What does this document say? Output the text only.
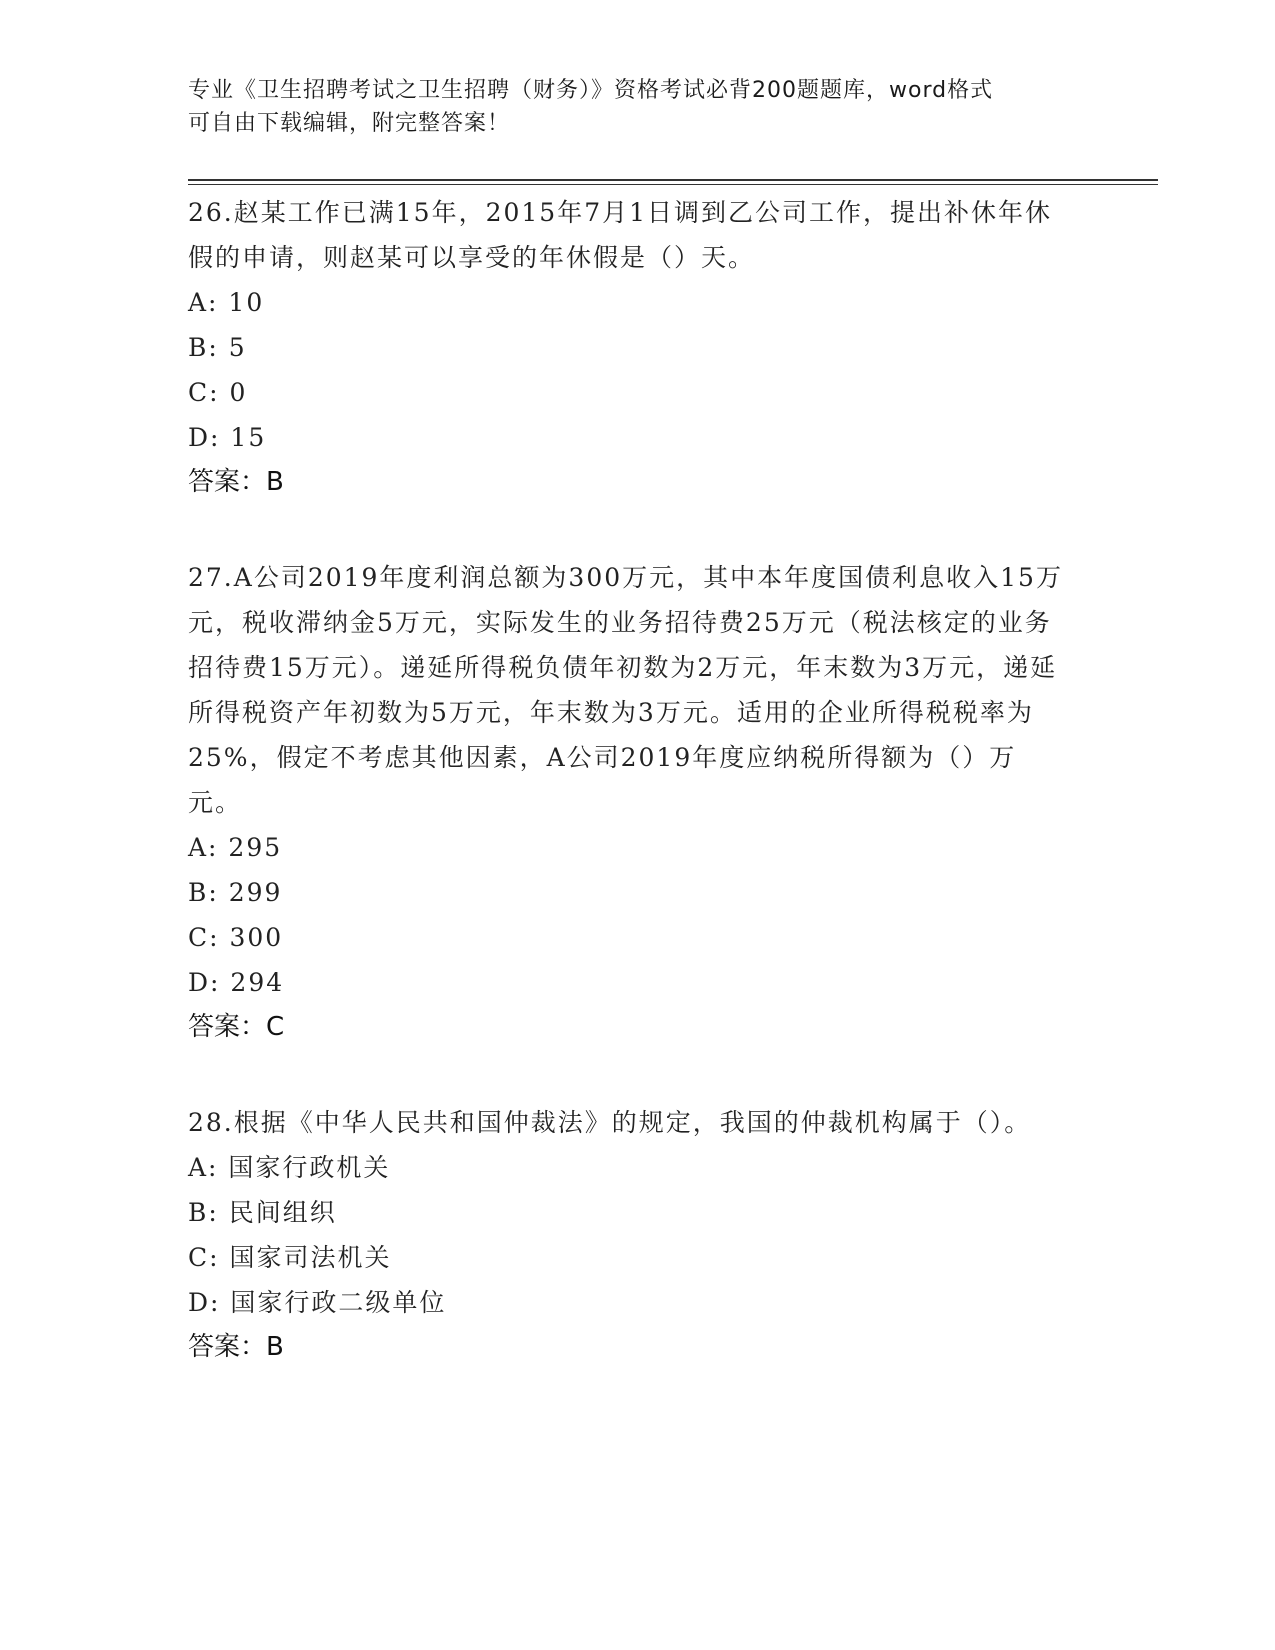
专业《卫生招聘考试之卫生招聘（财务）》资格考试必背200题题库，word格式
可自由下载编辑，附完整答案！
26.赵某工作已满15年，2015年7月1日调到乙公司工作，提出补休年休假的申请，则赵某可以享受的年休假是（）天。
A: 10
B: 5
C: 0
D: 15
答案：B
27.A公司2019年度利润总额为300万元，其中本年度国债利息收入15万元，税收滞纳金5万元，实际发生的业务招待费25万元（税法核定的业务招待费15万元）。递延所得税负债年初数为2万元，年末数为3万元，递延所得税资产年初数为5万元，年末数为3万元。适用的企业所得税税率为25%，假定不考虑其他因素，A公司2019年度应纳税所得额为（）万元。
A: 295
B: 299
C: 300
D: 294
答案：C
28.根据《中华人民共和国仲裁法》的规定，我国的仲裁机构属于（）。
A: 国家行政机关
B: 民间组织
C: 国家司法机关
D: 国家行政二级单位
答案：B
